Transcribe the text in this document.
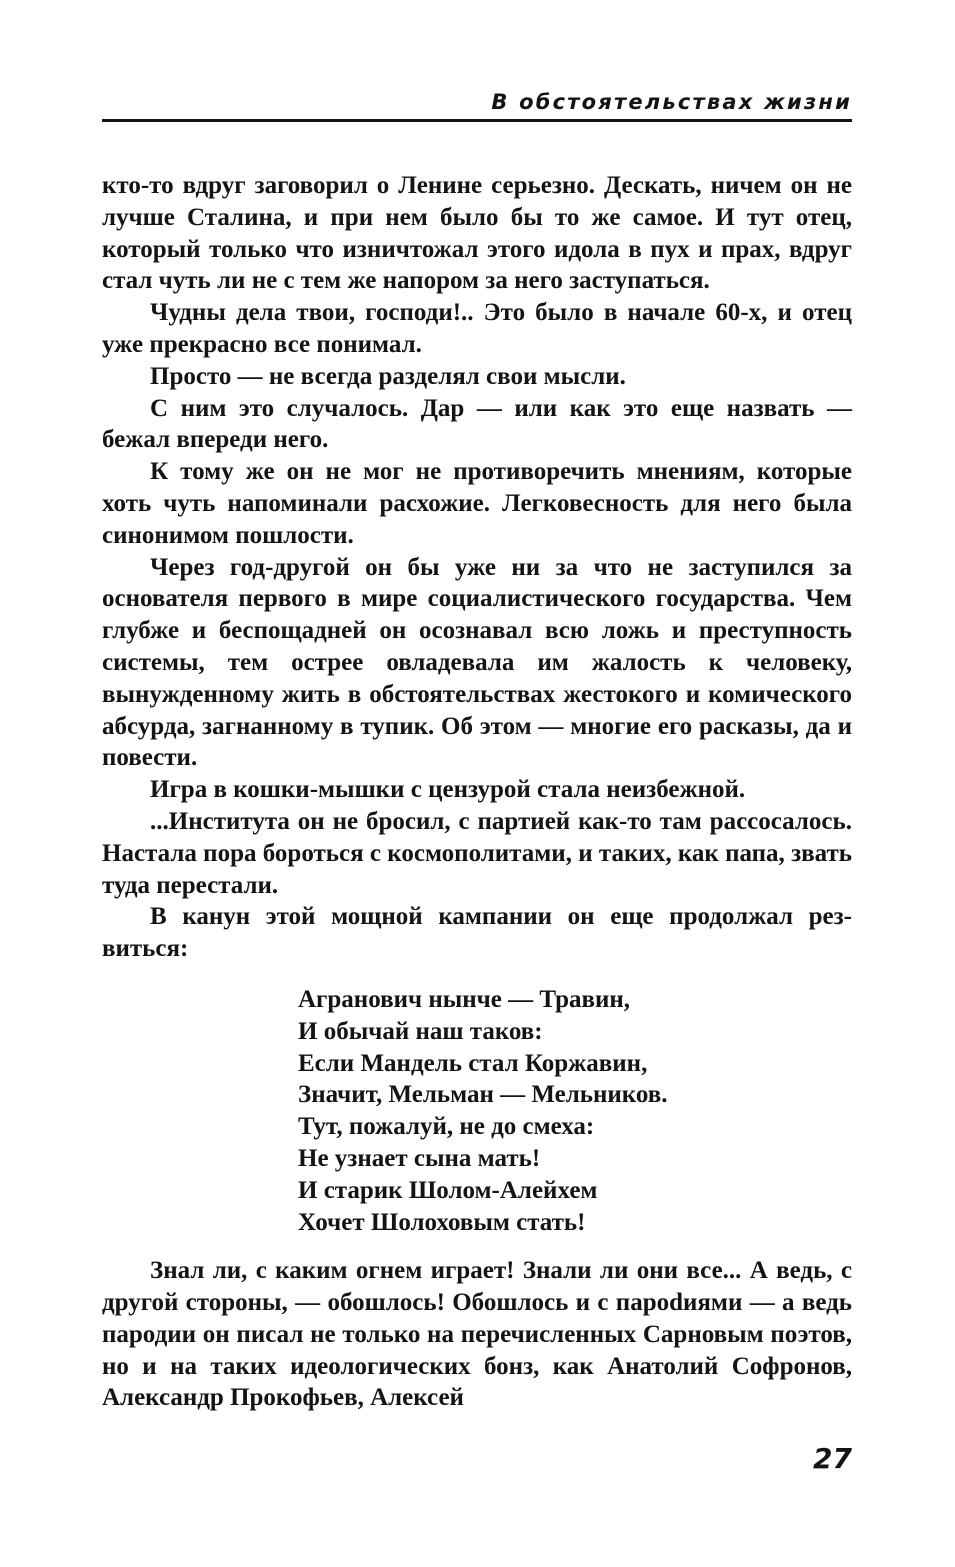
В обстоятельствах жизни

кто-то вдруг заговорил о Ленине серьезно. Дескать, ничем он не лучше Сталина, и при нем было бы то же самое. И тут отец, который только что изничтожал этого идола в пух и прах, вдруг стал чуть ли не с тем же напором за него заступаться.

Чудны дела твои, господи!.. Это было в начале 60-х, и отец уже прекрасно все понимал.

Просто — не всегда разделял свои мысли.

С ним это случалось. Дар — или как это еще назвать — бежал впереди него.

К тому же он не мог не противоречить мнениям, которые хоть чуть напоминали расхожие. Легковесность для него была синонимом пошлости.

Через год-другой он бы уже ни за что не заступился за основателя первого в мире социалистического государства. Чем глубже и беспощадней он осознавал всю ложь и преступность системы, тем острее овладевала им жалость к человеку, вынужденному жить в обстоятельствах жестокого и комического абсурда, загнанному в тупик. Об этом — многие его расказы, да и повести.

Игра в кошки-мышки с цензурой стала неизбежной.

...Института он не бросил, с партией как-то там рассосалось. Настала пора бороться с космополитами, и таких, как папа, звать туда перестали.

В канун этой мощной кампании он еще продолжал резвиться:

Агранович нынче — Травин,
И обычай наш таков:
Если Мандель стал Коржавин,
Значит, Мельман — Мельников.
Тут, пожалуй, не до смеха:
Не узнает сына мать!
И старик Шолом-Алейхем
Хочет Шолоховым стать!

Знал ли, с каким огнем играет! Знали ли они все... А ведь, с другой стороны, — обошлось! Обошлось и с пароdиями — а ведь пародии он писал не только на перечисленных Сарновым поэтов, но и на таких идеологических бонз, как Анатолий Софронов, Александр Прокофьев, Алексей

27
